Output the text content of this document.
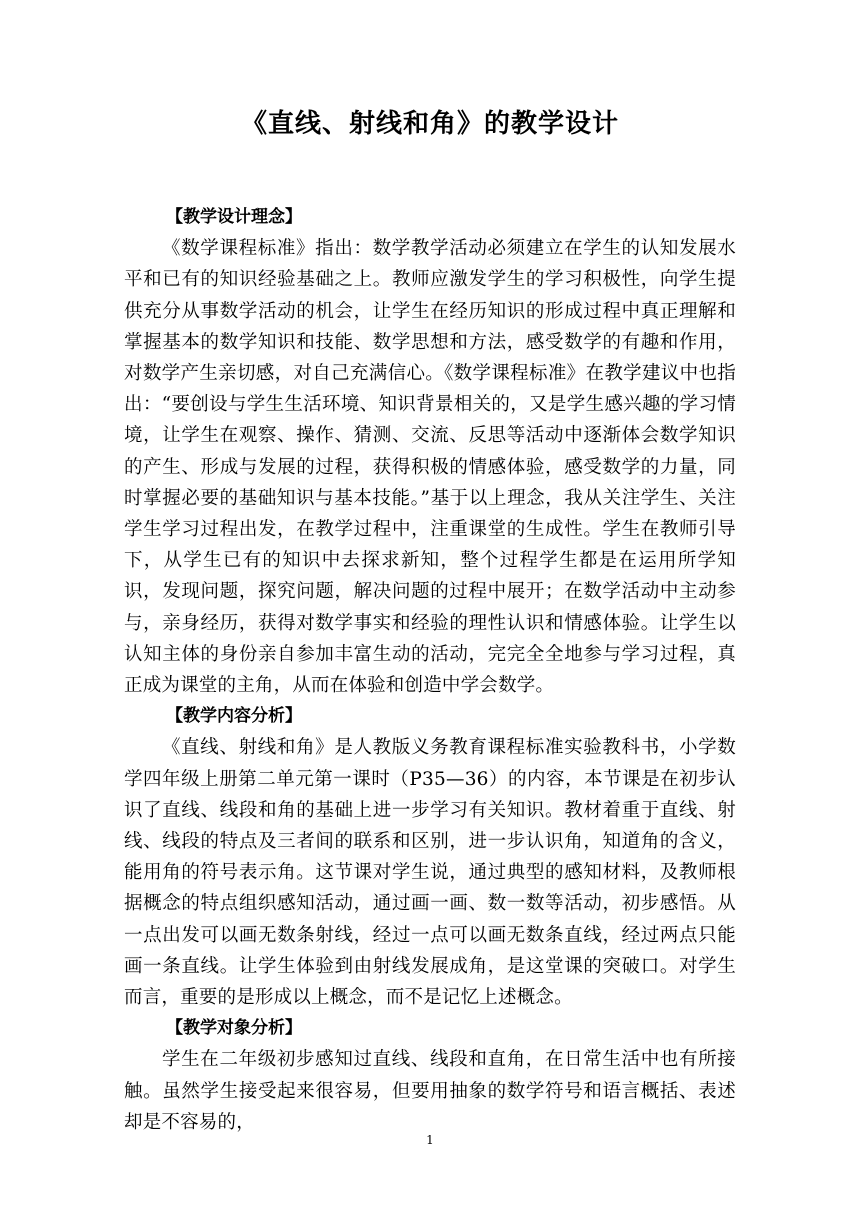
《直线、射线和角》的教学设计

【教学设计理念】

《数学课程标准》指出：数学教学活动必须建立在学生的认知发展水平和已有的知识经验基础之上。教师应激发学生的学习积极性，向学生提供充分从事数学活动的机会，让学生在经历知识的形成过程中真正理解和掌握基本的数学知识和技能、数学思想和方法，感受数学的有趣和作用，对数学产生亲切感，对自己充满信心。《数学课程标准》在教学建议中也指出：“要创设与学生生活环境、知识背景相关的，又是学生感兴趣的学习情境，让学生在观察、操作、猜测、交流、反思等活动中逐渐体会数学知识的产生、形成与发展的过程，获得积极的情感体验，感受数学的力量，同时掌握必要的基础知识与基本技能。”基于以上理念，我从关注学生、关注学生学习过程出发，在教学过程中，注重课堂的生成性。学生在教师引导下，从学生已有的知识中去探求新知，整个过程学生都是在运用所学知识，发现问题，探究问题，解决问题的过程中展开；在数学活动中主动参与，亲身经历，获得对数学事实和经验的理性认识和情感体验。让学生以认知主体的身份亲自参加丰富生动的活动，完完全全地参与学习过程，真正成为课堂的主角，从而在体验和创造中学会数学。

【教学内容分析】

《直线、射线和角》是人教版义务教育课程标准实验教科书，小学数学四年级上册第二单元第一课时（P35—36）的内容，本节课是在初步认识了直线、线段和角的基础上进一步学习有关知识。教材着重于直线、射线、线段的特点及三者间的联系和区别，进一步认识角，知道角的含义，能用角的符号表示角。这节课对学生说，通过典型的感知材料，及教师根据概念的特点组织感知活动，通过画一画、数一数等活动，初步感悟。从一点出发可以画无数条射线，经过一点可以画无数条直线，经过两点只能画一条直线。让学生体验到由射线发展成角，是这堂课的突破口。对学生而言，重要的是形成以上概念，而不是记忆上述概念。

【教学对象分析】

学生在二年级初步感知过直线、线段和直角，在日常生活中也有所接触。虽然学生接受起来很容易，但要用抽象的数学符号和语言概括、表述却是不容易的，

1
